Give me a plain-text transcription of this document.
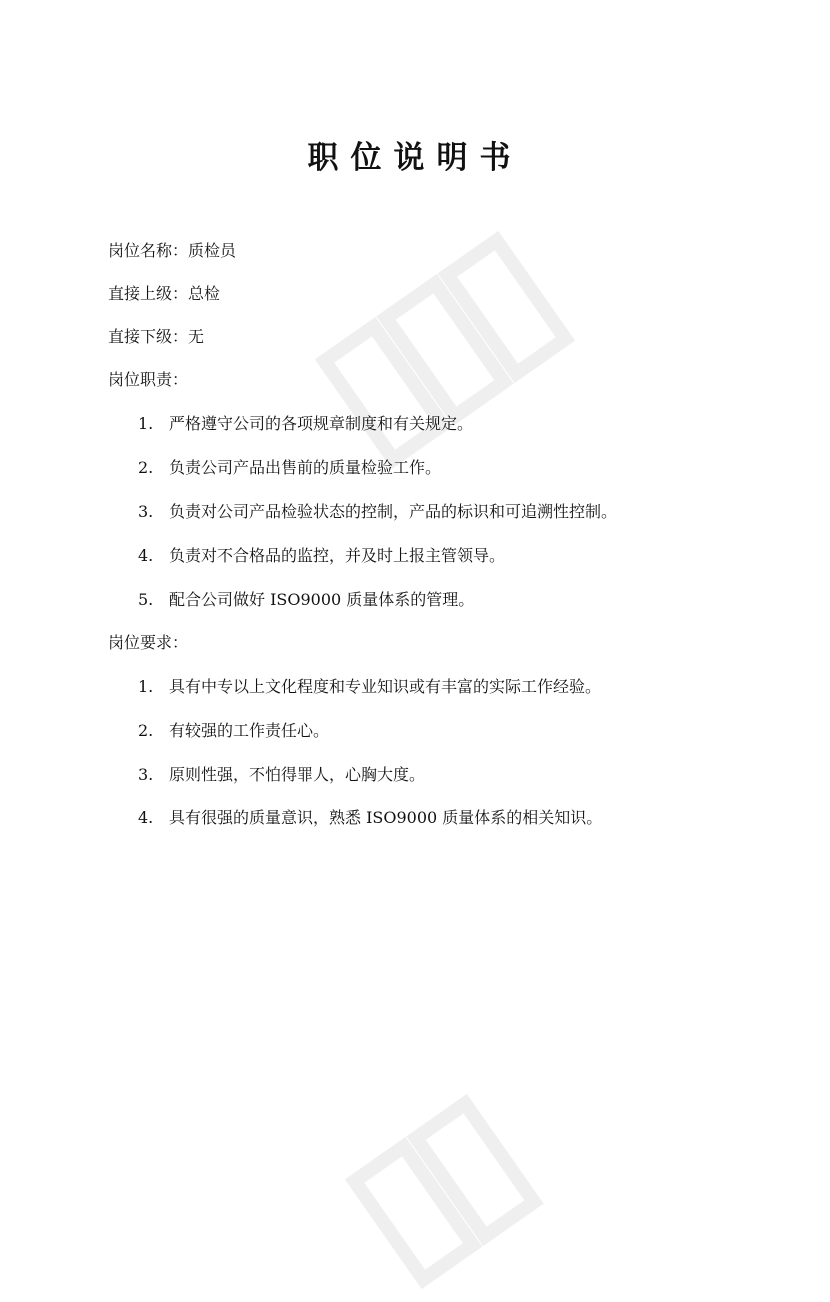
职位说明书
岗位名称：质检员
直接上级：总检
直接下级：无
岗位职责：
1. 严格遵守公司的各项规章制度和有关规定。
2. 负责公司产品出售前的质量检验工作。
3. 负责对公司产品检验状态的控制，产品的标识和可追溯性控制。
4. 负责对不合格品的监控，并及时上报主管领导。
5. 配合公司做好 ISO9000 质量体系的管理。
岗位要求：
1. 具有中专以上文化程度和专业知识或有丰富的实际工作经验。
2. 有较强的工作责任心。
3. 原则性强，不怕得罪人，心胸大度。
4. 具有很强的质量意识，熟悉 ISO9000 质量体系的相关知识。
